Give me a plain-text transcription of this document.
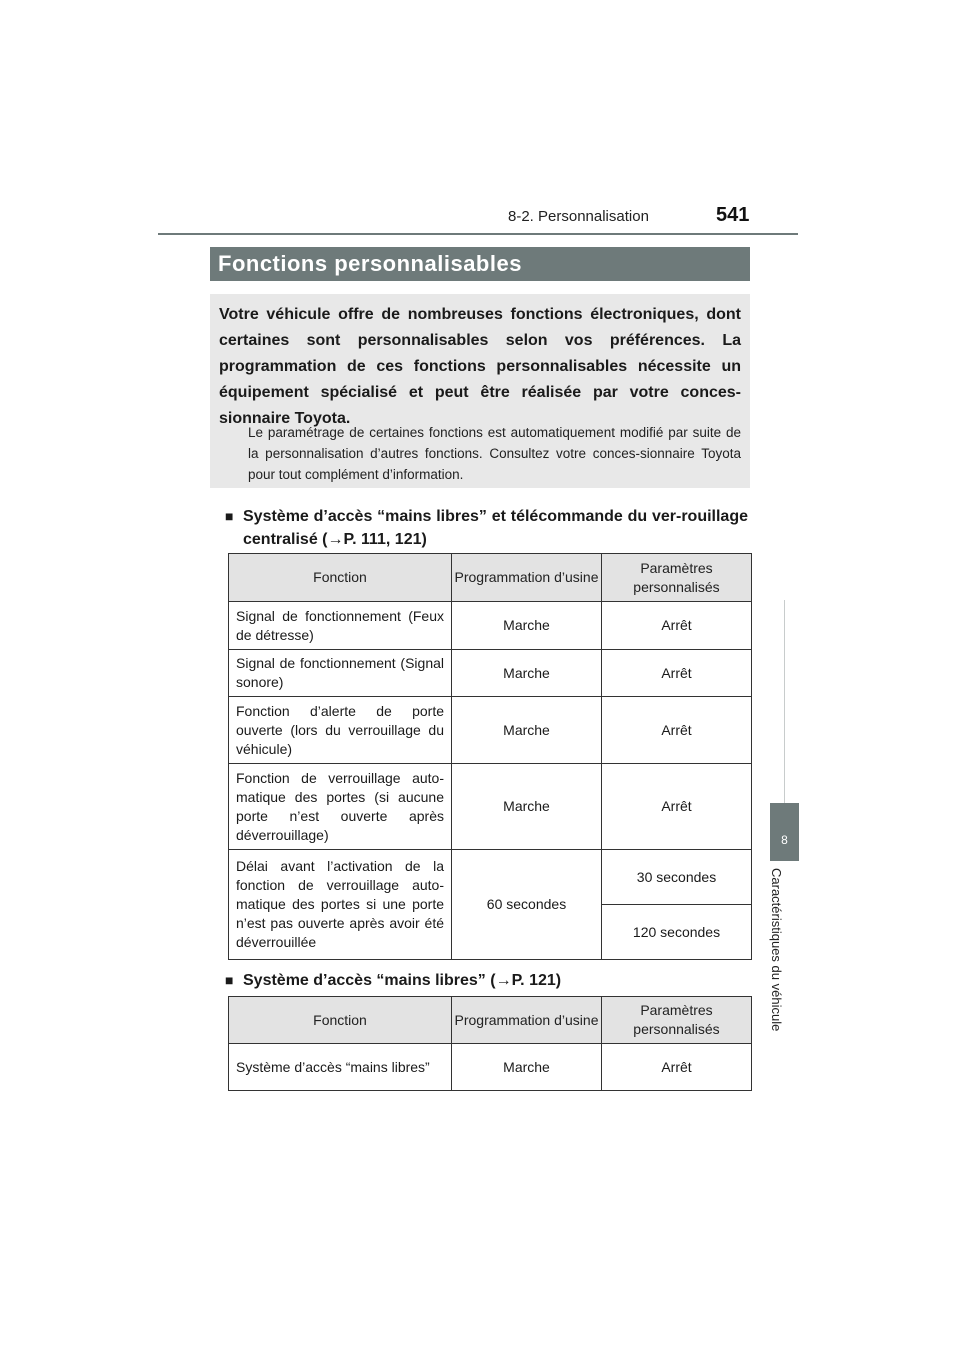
8-2. Personnalisation	541
8
Caractéristiques du véhicule
Fonctions personnalisables
Votre véhicule offre de nombreuses fonctions électroniques, dont certaines sont personnalisables selon vos préférences. La programmation de ces fonctions personnalisables nécessite un équipement spécialisé et peut être réalisée par votre conces-sionnaire Toyota.
Le paramétrage de certaines fonctions est automatiquement modifié par suite de la personnalisation d’autres fonctions. Consultez votre conces-sionnaire Toyota pour tout complément d’information.
■ Système d’accès “mains libres” et télécommande du ver-rouillage centralisé (→P. 111, 121)
Fonction	Programmation d’usine	Paramètres personnalisés
Signal de fonctionnement (Feux de détresse)	Marche	Arrêt
Signal de fonctionnement (Signal sonore)	Marche	Arrêt
Fonction d’alerte de porte ouverte (lors du verrouillage du véhicule)	Marche	Arrêt
Fonction de verrouillage auto-matique des portes (si aucune porte n’est ouverte après déverrouillage)	Marche	Arrêt
Délai avant l’activation de la fonction de verrouillage auto-matique des portes si une porte n’est pas ouverte après avoir été déverrouillée	60 secondes	30 secondes
		120 secondes
■ Système d’accès “mains libres” (→P. 121)
Fonction	Programmation d’usine	Paramètres personnalisés
Système d’accès “mains libres”	Marche	Arrêt
